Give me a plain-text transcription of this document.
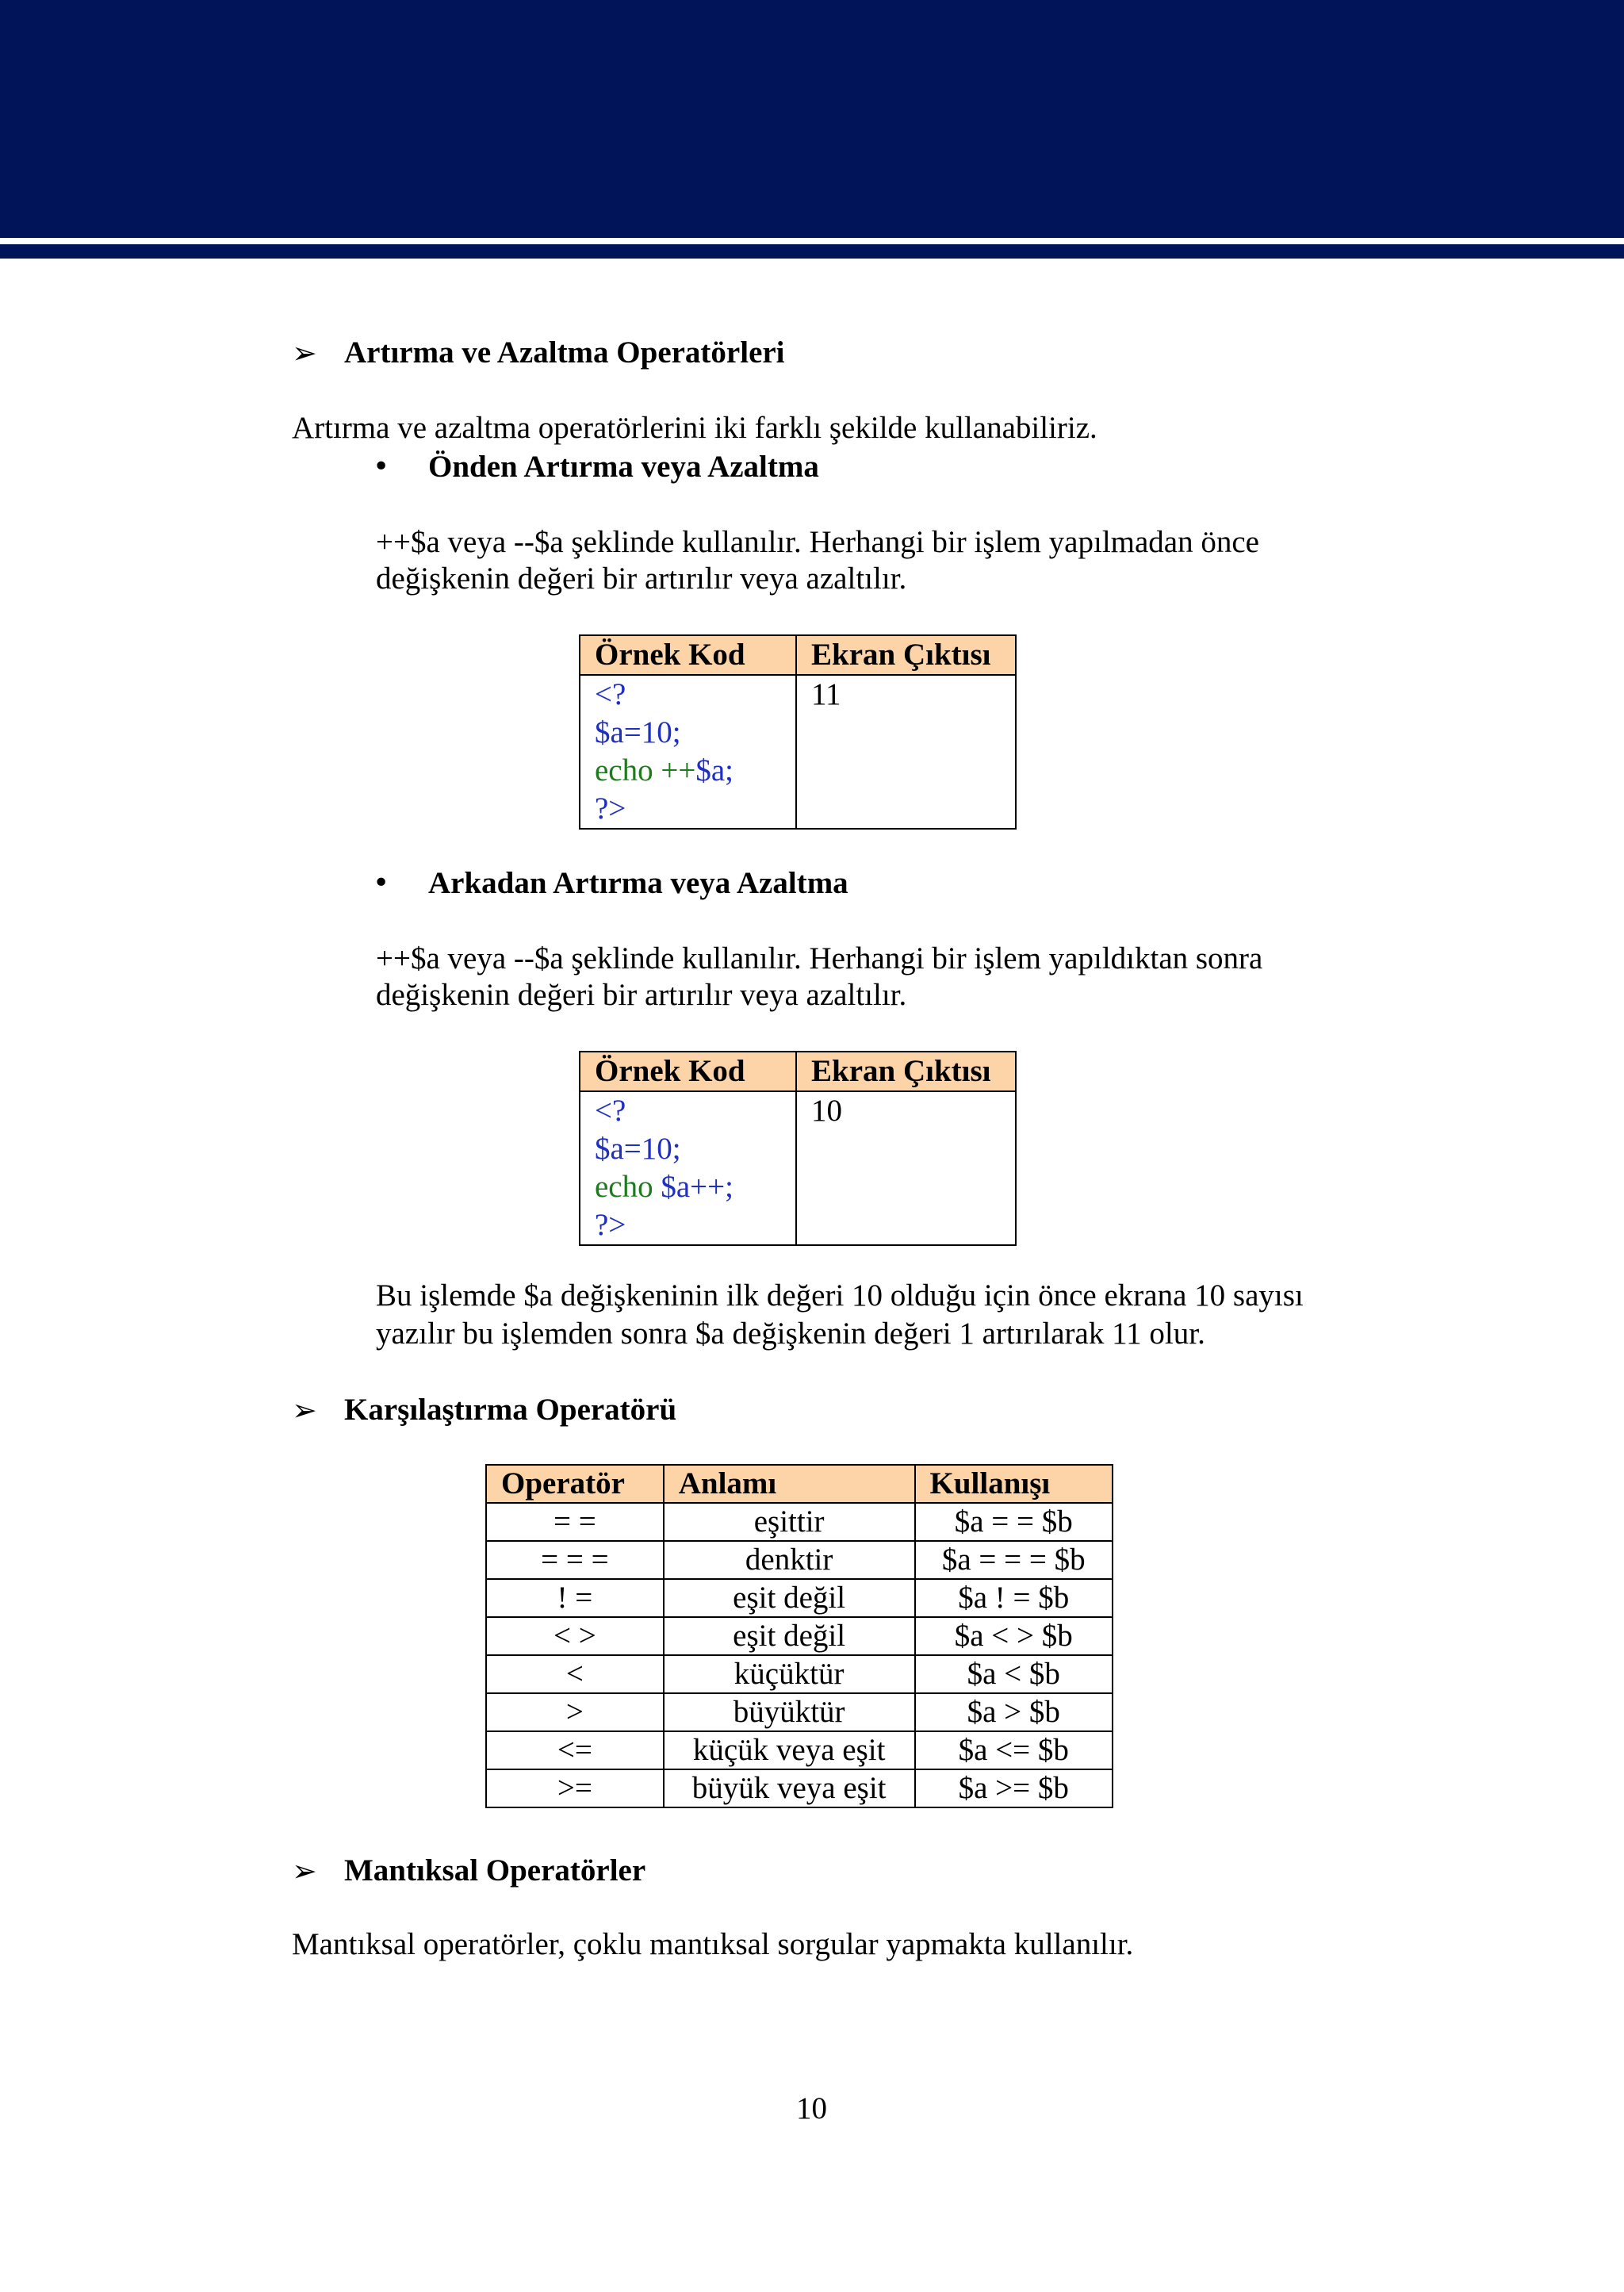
➢ Artırma ve Azaltma Operatörleri
Artırma ve azaltma operatörlerini iki farklı şekilde kullanabiliriz.
• Önden Artırma veya Azaltma
++$a veya --$a şeklinde kullanılır. Herhangi bir işlem yapılmadan önce
değişkenin değeri bir artırılır veya azaltılır.
Örnek Kod	Ekran Çıktısı

<?
$a=10;
echo ++$a;
?>	11
• Arkadan Artırma veya Azaltma
++$a veya --$a şeklinde kullanılır. Herhangi bir işlem yapıldıktan sonra
değişkenin değeri bir artırılır veya azaltılır.
Örnek Kod	Ekran Çıktısı

<?
$a=10;
echo $a++;
?>	10
Bu işlemde $a değişkeninin ilk değeri 10 olduğu için önce ekrana 10 sayısı
yazılır bu işlemden sonra $a değişkenin değeri 1 artırılarak 11 olur.
➢ Karşılaştırma Operatörü
Operatör	Anlamı	Kullanışı
= =	eşittir	$a = = $b
= = =	denktir	$a = = = $b
! =	eşit değil	$a ! = $b
< >	eşit değil	$a < > $b
<	küçüktür	$a < $b
>	büyüktür	$a > $b
<=	küçük veya eşit	$a <= $b
>=	büyük veya eşit	$a >= $b
➢ Mantıksal Operatörler
Mantıksal operatörler, çoklu mantıksal sorgular yapmakta kullanılır.
10
